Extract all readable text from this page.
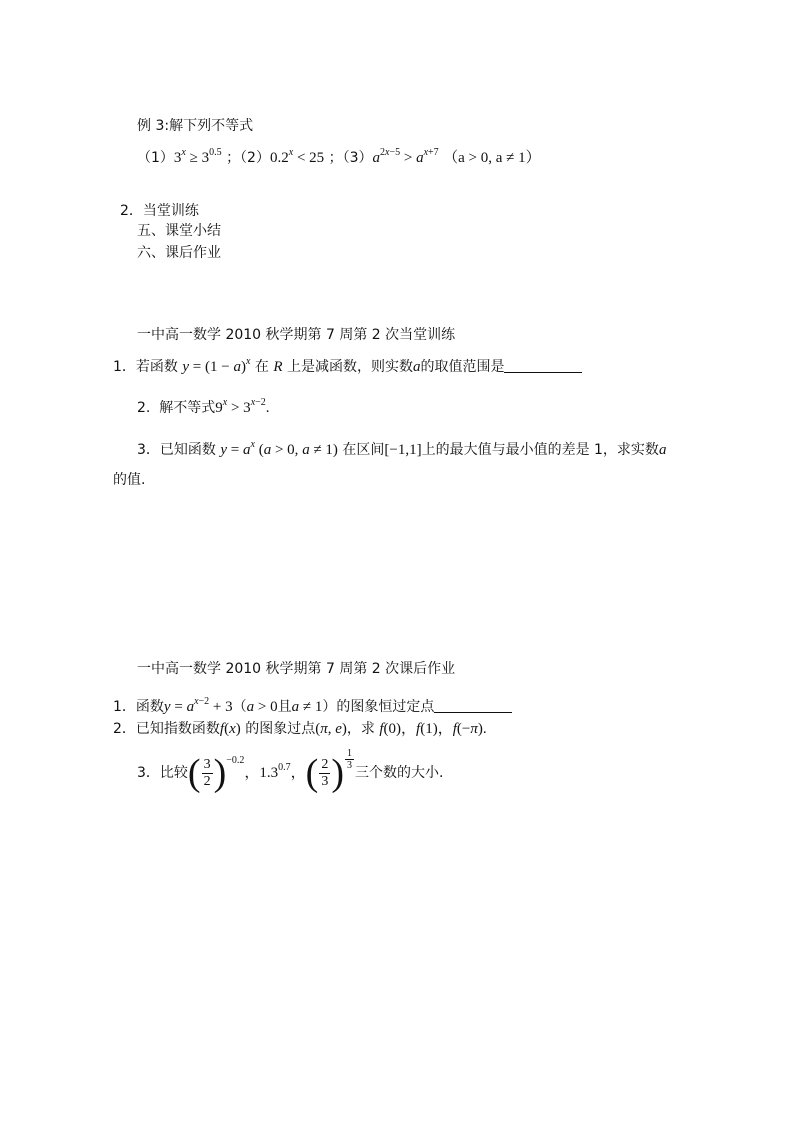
例 3:解下列不等式
$(1)3^x \ge 3^{0.5}$ ；$(2)0.2^x < 25$ ；$(3)a^{2x-5} > a^{x+7}$ （a > 0, a ≠ 1）
2．当堂训练
五、课堂小结
六、课后作业
一中高一数学 2010 秋学期第 7 周第 2 次当堂训练
1．若函数 $y = (1 - a)^x$ 在 R 上是减函数，则实数a的取值范围是
2. 解不等式$9^x > 3^{x-2}$.
3．已知函数 $y = a^x$ (a > 0, a ≠ 1) 在区间[−1,1]上的最大值与最小值的差是 1，求实数a
的值.
一中高一数学 2010 秋学期第 7 周第 2 次课后作业
1．函数$y = a^{x-2} + 3(a > 0$且a ≠ 1）的图象恒过定点
2．已知指数函数f(x) 的图象过点(π, e)，求 f(0)，f(1)，f(−π).
3．比较( $\frac{3}{2} )^{-0.2}$，$1.3^{0.7}$，( $\frac{2}{3}$ ) $\frac{1}{3}$
三个数的大小.
